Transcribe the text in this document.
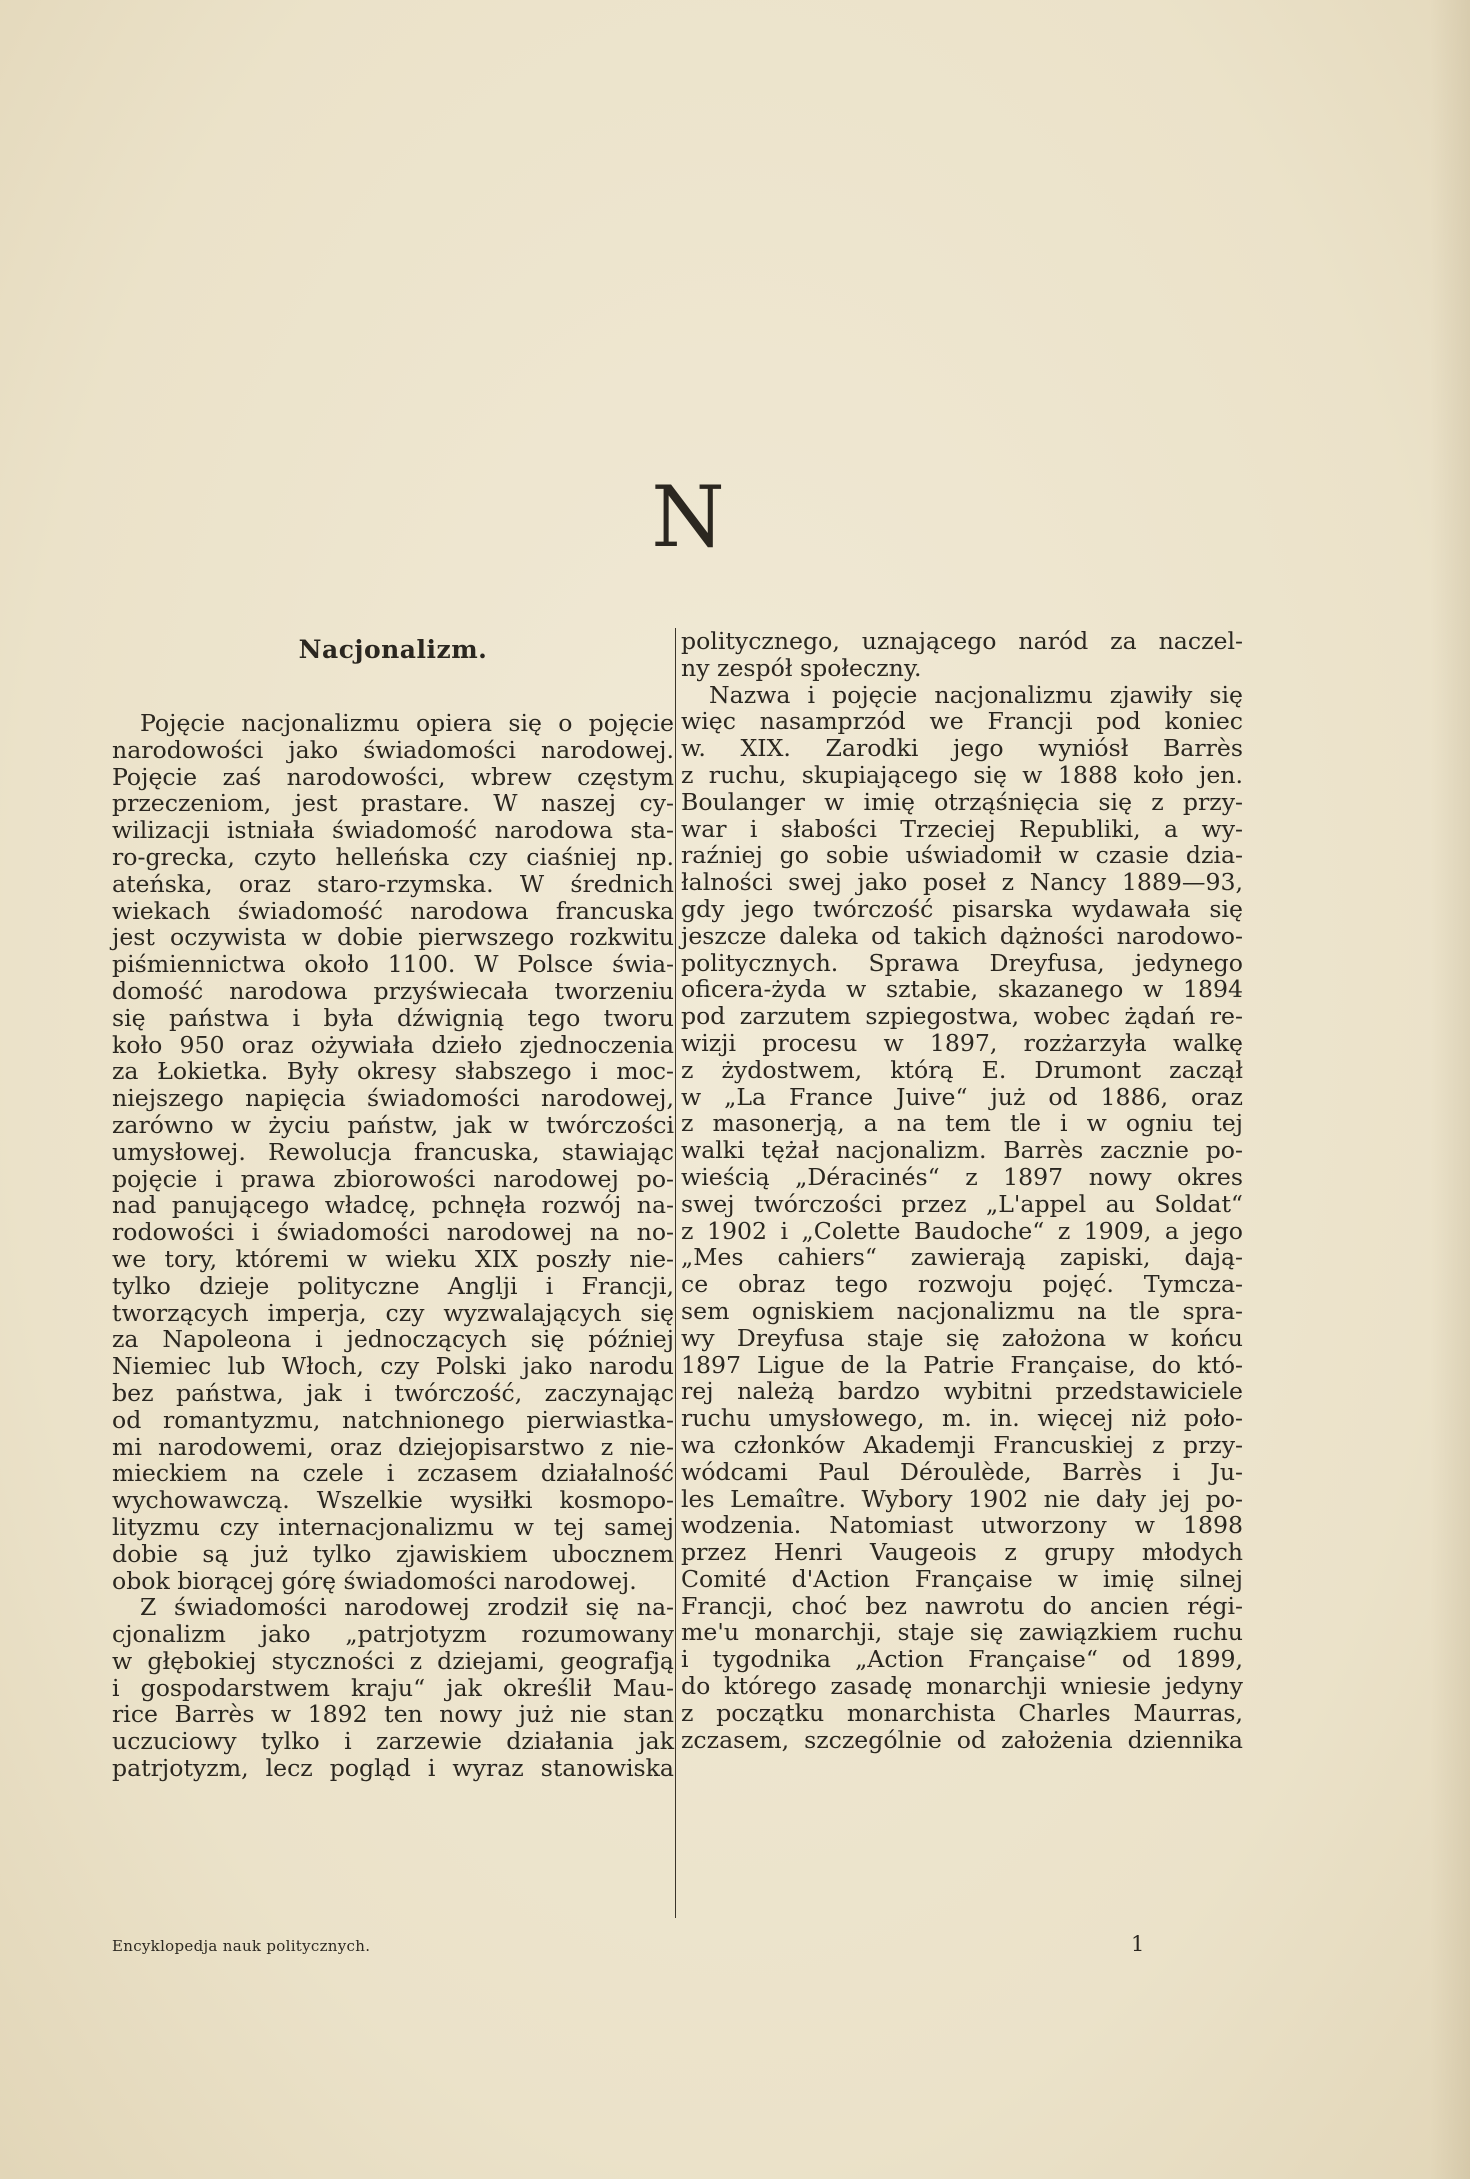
N
Nacjonalizm.
Pojęcie nacjonalizmu opiera się o pojęcie
narodowości jako świadomości narodowej.
Pojęcie zaś narodowości, wbrew częstym
przeczeniom, jest prastare. W naszej cy-
wilizacji istniała świadomość narodowa sta-
ro-grecka, czyto helleńska czy ciaśniej np.
ateńska, oraz staro-rzymska. W średnich
wiekach świadomość narodowa francuska
jest oczywista w dobie pierwszego rozkwitu
piśmiennictwa około 1100. W Polsce świa-
domość narodowa przyświecała tworzeniu
się państwa i była dźwignią tego tworu
koło 950 oraz ożywiała dzieło zjednoczenia
za Łokietka. Były okresy słabszego i moc-
niejszego napięcia świadomości narodowej,
zarówno w życiu państw, jak w twórczości
umysłowej. Rewolucja francuska, stawiając
pojęcie i prawa zbiorowości narodowej po-
nad panującego władcę, pchnęła rozwój na-
rodowości i świadomości narodowej na no-
we tory, któremi w wieku XIX poszły nie-
tylko dzieje polityczne Anglji i Francji,
tworzących imperja, czy wyzwalających się
za Napoleona i jednoczących się później
Niemiec lub Włoch, czy Polski jako narodu
bez państwa, jak i twórczość, zaczynając
od romantyzmu, natchnionego pierwiastka-
mi narodowemi, oraz dziejopisarstwo z nie-
mieckiem na czele i zczasem działalność
wychowawczą. Wszelkie wysiłki kosmopo-
lityzmu czy internacjonalizmu w tej samej
dobie są już tylko zjawiskiem ubocznem
obok biorącej górę świadomości narodowej.
Z świadomości narodowej zrodził się na-
cjonalizm jako „patrjotyzm rozumowany
w głębokiej styczności z dziejami, geografją
i gospodarstwem kraju“ jak określił Mau-
rice Barrès w 1892 ten nowy już nie stan
uczuciowy tylko i zarzewie działania jak
patrjotyzm, lecz pogląd i wyraz stanowiska
politycznego, uznającego naród za naczel-
ny zespół społeczny.
Nazwa i pojęcie nacjonalizmu zjawiły się
więc nasamprzód we Francji pod koniec
w. XIX. Zarodki jego wyniósł Barrès
z ruchu, skupiającego się w 1888 koło jen.
Boulanger w imię otrząśnięcia się z przy-
war i słabości Trzeciej Republiki, a wy-
raźniej go sobie uświadomił w czasie dzia-
łalności swej jako poseł z Nancy 1889—93,
gdy jego twórczość pisarska wydawała się
jeszcze daleka od takich dążności narodowo-
politycznych. Sprawa Dreyfusa, jedynego
oficera-żyda w sztabie, skazanego w 1894
pod zarzutem szpiegostwa, wobec żądań re-
wizji procesu w 1897, rozżarzyła walkę
z żydostwem, którą E. Drumont zaczął
w „La France Juive“ już od 1886, oraz
z masonerją, a na tem tle i w ogniu tej
walki tężał nacjonalizm. Barrès zacznie po-
wieścią „Déracinés“ z 1897 nowy okres
swej twórczości przez „L'appel au Soldat“
z 1902 i „Colette Baudoche“ z 1909, a jego
„Mes cahiers“ zawierają zapiski, dają-
ce obraz tego rozwoju pojęć. Tymcza-
sem ogniskiem nacjonalizmu na tle spra-
wy Dreyfusa staje się założona w końcu
1897 Ligue de la Patrie Française, do któ-
rej należą bardzo wybitni przedstawiciele
ruchu umysłowego, m. in. więcej niż poło-
wa członków Akademji Francuskiej z przy-
wódcami Paul Déroulède, Barrès i Ju-
les Lemaître. Wybory 1902 nie dały jej po-
wodzenia. Natomiast utworzony w 1898
przez Henri Vaugeois z grupy młodych
Comité d'Action Française w imię silnej
Francji, choć bez nawrotu do ancien régi-
me'u monarchji, staje się zawiązkiem ruchu
i tygodnika „Action Française“ od 1899,
do którego zasadę monarchji wniesie jedyny
z początku monarchista Charles Maurras,
zczasem, szczególnie od założenia dziennika
Encyklopedja nauk politycznych.	1
